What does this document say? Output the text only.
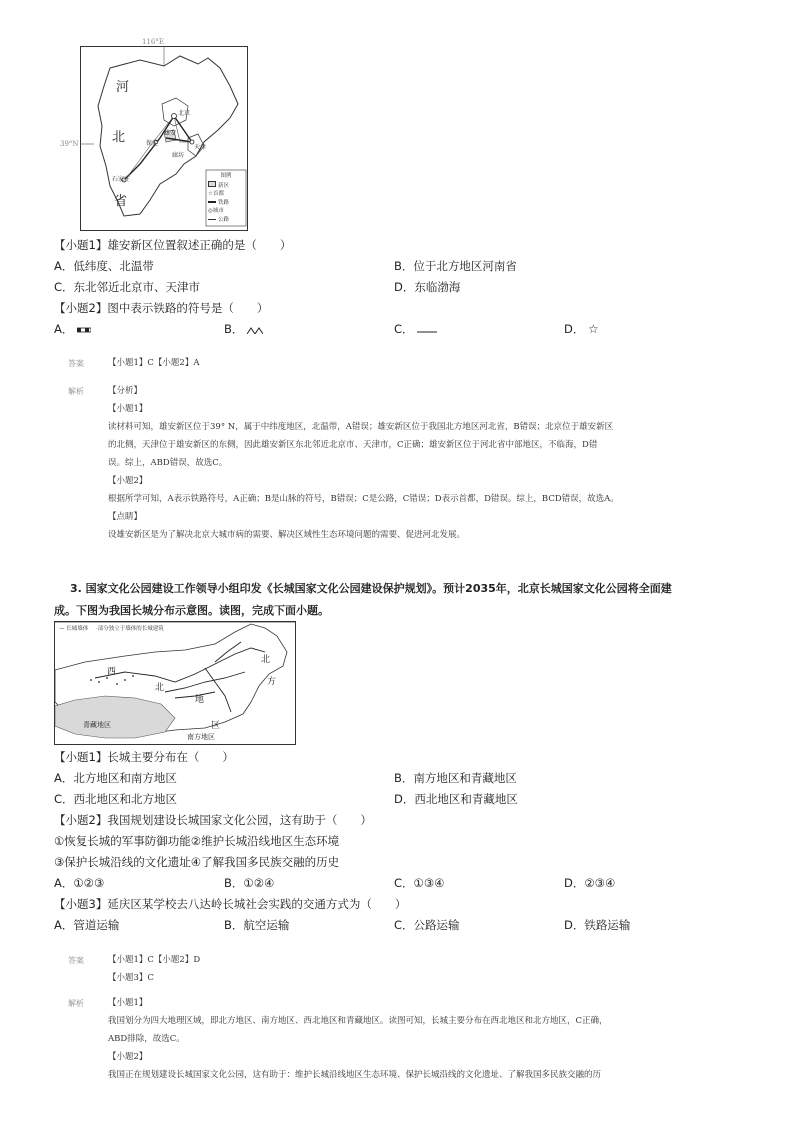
116°E
39°N
河
北
省
北京
雄安
天津
保定
石家庄
廊坊
图例
新区
☆首都
铁路
◎城市
公路
【小题1】雄安新区位置叙述正确的是（　　）
A．低纬度、北温带	B．位于北方地区河南省
C．东北邻近北京市、天津市	D．东临渤海
【小题2】图中表示铁路的符号是（　　）
A．	B．	C．	D． ☆
答案	【小题1】C【小题2】A
解析	【分析】
【小题1】
读材料可知，雄安新区位于39° N，属于中纬度地区，北温带，A错误；雄安新区位于我国北方地区河北省，B错误；北京位于雄安新区
的北侧，天津位于雄安新区的东侧，因此雄安新区东北邻近北京市、天津市，C正确；雄安新区位于河北省中部地区，不临海，D错
误。综上，ABD错误，故选C。
【小题2】
根据所学可知，A表示铁路符号，A正确；B是山脉的符号，B错误；C是公路，C错误；D表示首都，D错误。综上，BCD错误，故选A。
【点睛】
设雄安新区是为了解决北京大城市病的需要、解决区域性生态环境问题的需要、促进河北发展。
3. 国家文化公园建设工作领导小组印发《长城国家文化公园建设保护规划》。预计2035年，北京长城国家文化公园将全面建
成。下图为我国长城分布示意图。读图，完成下面小题。
— 长城墙体 ·部分独立于墙体的长城建筑
西
北
北
方
地
区
青藏地区
南方地区
【小题1】长城主要分布在（　　）
A．北方地区和南方地区	B．南方地区和青藏地区
C．西北地区和北方地区	D．西北地区和青藏地区
【小题2】我国规划建设长城国家文化公园，这有助于（　　）
①恢复长城的军事防御功能②维护长城沿线地区生态环境
③保护长城沿线的文化遗址④了解我国多民族交融的历史
A．①②③	B．①②④	C．①③④	D．②③④
【小题3】延庆区某学校去八达岭长城社会实践的交通方式为（　　）
A．管道运输	B．航空运输	C．公路运输	D．铁路运输
答案	【小题1】C【小题2】D
【小题3】C
解析	【小题1】
我国划分为四大地理区域，即北方地区、南方地区、西北地区和青藏地区。读图可知，长城主要分布在西北地区和北方地区，C正确，
ABD排除，故选C。
【小题2】
我国正在规划建设长城国家文化公园，这有助于：维护长城沿线地区生态环境、保护长城沿线的文化遗址、了解我国多民族交融的历
